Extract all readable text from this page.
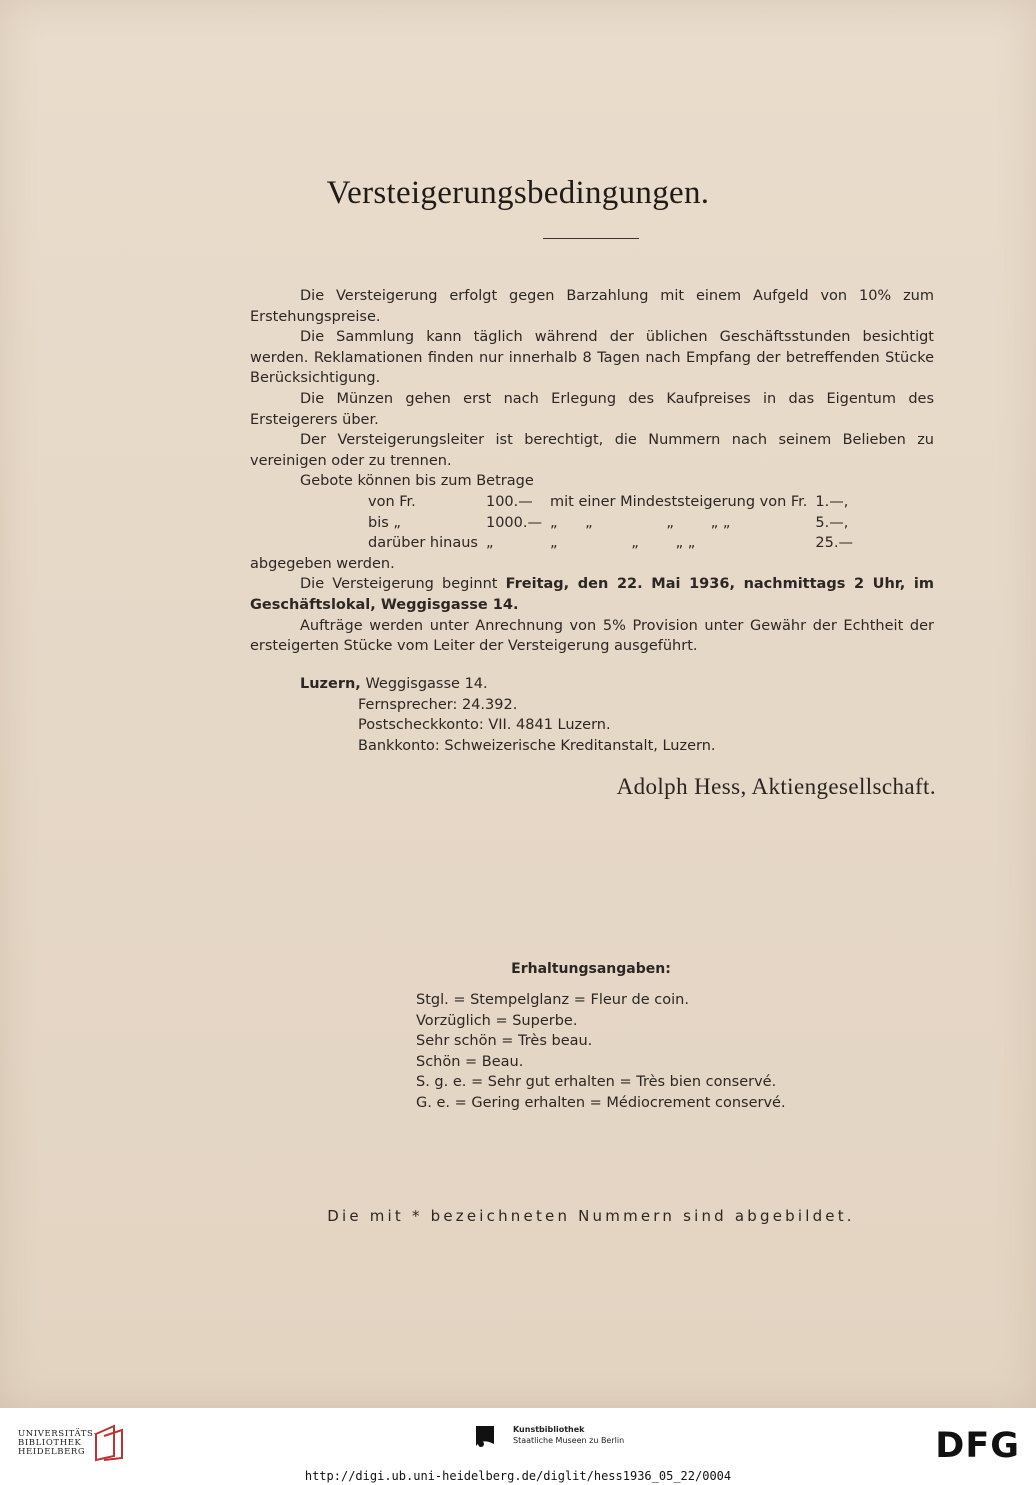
Versteigerungsbedingungen.

Die Versteigerung erfolgt gegen Barzahlung mit einem Aufgeld von 10% zum Erstehungspreise.

Die Sammlung kann täglich während der üblichen Geschäftsstunden besichtigt werden. Reklamationen finden nur innerhalb 8 Tagen nach Empfang der betreffenden Stücke Berücksichtigung.

Die Münzen gehen erst nach Erlegung des Kaufpreises in das Eigentum des Ersteigerers über.

Der Versteigerungsleiter ist berechtigt, die Nummern nach seinem Belieben zu vereinigen oder zu trennen.

Gebote können bis zum Betrage

von Fr.	100.—	mit einer Mindeststeigerung von Fr.	1.—,
bis „	1000.—	„      „                „        „ „	5.—,
darüber hinaus	„	„                „        „ „	25.—

abgegeben werden.

Die Versteigerung beginnt Freitag, den 22. Mai 1936, nachmittags 2 Uhr, im Geschäftslokal, Weggisgasse 14.

Aufträge werden unter Anrechnung von 5% Provision unter Gewähr der Echtheit der ersteigerten Stücke vom Leiter der Versteigerung ausgeführt.

Luzern, Weggisgasse 14.
Fernsprecher: 24.392.
Postscheckkonto: VII. 4841 Luzern.
Bankkonto: Schweizerische Kreditanstalt, Luzern.
Adolph Hess, Aktiengesellschaft.
Erhaltungsangaben:
Stgl. = Stempelglanz = Fleur de coin.
Vorzüglich = Superbe.
Sehr schön = Très beau.
Schön = Beau.
S. g. e. = Sehr gut erhalten = Très bien conservé.
G. e. = Gering erhalten = Médiocrement conservé.
Die mit * bezeichneten Nummern sind abgebildet.
UNIVERSITÄTS-
BIBLIOTHEK
HEIDELBERG
Kunstbibliothek
Staatliche Museen zu Berlin	DFG
http://digi.ub.uni-heidelberg.de/diglit/hess1936_05_22/0004
